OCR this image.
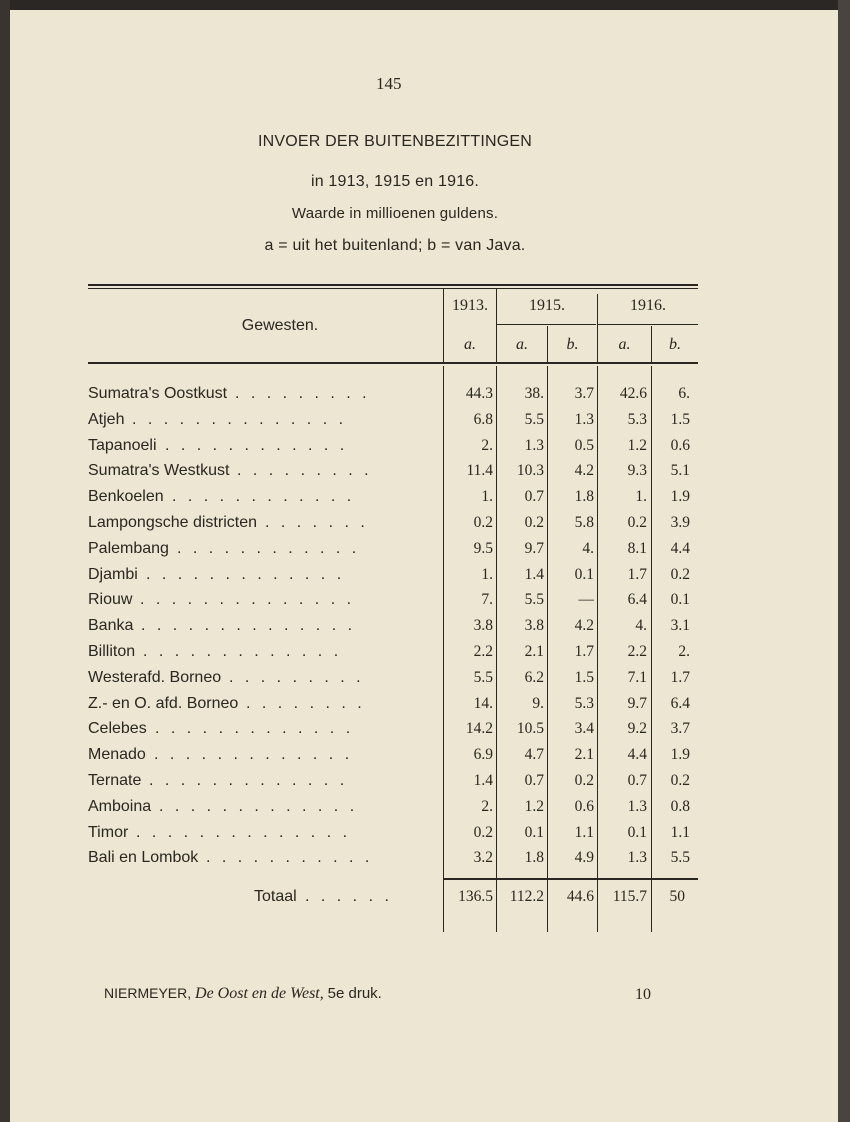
145
INVOER DER BUITENBEZITTINGEN
in 1913, 1915 en 1916.
Waarde in millioenen guldens.
a = uit het buitenland; b = van Java.
Gewesten.
1913.	1915.	1916.
a.	a.	b.	a.	b.
Sumatra's Oostkust . . . . . . . . .	44.3 38. 3.7 42.6 6.
Atjeh . . . . . . . . . . . . . .	6.8 5.5 1.3 5.3 1.5
Tapanoeli . . . . . . . . . . . .	2. 1.3 0.5 1.2 0.6
Sumatra's Westkust . . . . . . . . .	11.4 10.3 4.2 9.3 5.1
Benkoelen . . . . . . . . . . . .	1. 0.7 1.8	1. 1.9
Lampongsche districten . . . . . . .	0.2 0.2 5.8 0.2 3.9
Palembang . . . . . . . . . . . .	9.5 9.7 4. 8.1 4.4
Djambi . . . . . . . . . . . . .	1. 1.4 0.1 1.7 0.2
Riouw . . . . . . . . . . . . . .	7. 5.5 — 6.4 0.1
Banka . . . . . . . . . . . . . .	3.8 3.8 4.2	4. 3.1
Billiton . . . . . . . . . . . . .	2.2 2.1 1.7 2.2 2.
Westerafd. Borneo . . . . . . . . .	5.5 6.2 1.5 7.1 1.7
Z.- en O. afd. Borneo . . . . . . . .	14.	9. 5.3 9.7 6.4
Celebes . . . . . . . . . . . . .	14.2 10.5 3.4 9.2 3.7
Menado . . . . . . . . . . . . .	6.9 4.7 2.1 4.4 1.9
Ternate . . . . . . . . . . . . .	1.4 0.7 0.2 0.7 0.2
Amboina . . . . . . . . . . . . .	2. 1.2 0.6 1.3 0.8
Timor . . . . . . . . . . . . . .	0.2 0.1 1.1 0.1 1.1
Bali en Lombok . . . . . . . . . . .	3.2 1.8 4.9 1.3 5.5
Totaal . . . . . .	136.5 112.2 44.6 115.7 50
NIERMEYER, De Oost en de West, 5e druk.	10
